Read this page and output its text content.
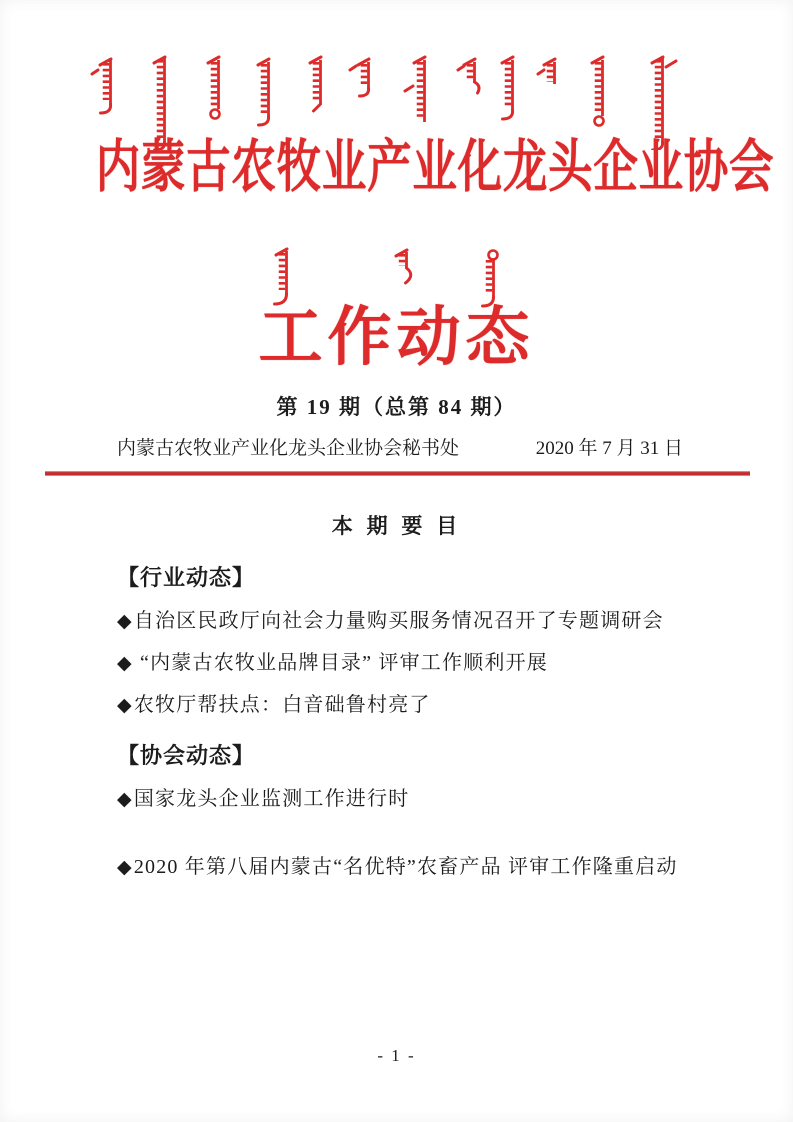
内蒙古农牧业产业化龙头企业协会
工作动态
第 19 期（总第 84 期）
内蒙古农牧业产业化龙头企业协会秘书处	2020 年 7 月 31 日
本 期 要 目
【行业动态】
◆自治区民政厅向社会力量购买服务情况召开了专题调研会
◆ “内蒙古农牧业品牌目录” 评审工作顺利开展
◆农牧厅帮扶点：白音础鲁村亮了
【协会动态】
◆国家龙头企业监测工作进行时
◆2020 年第八届内蒙古“名优特”农畜产品 评审工作隆重启动
- 1 -
